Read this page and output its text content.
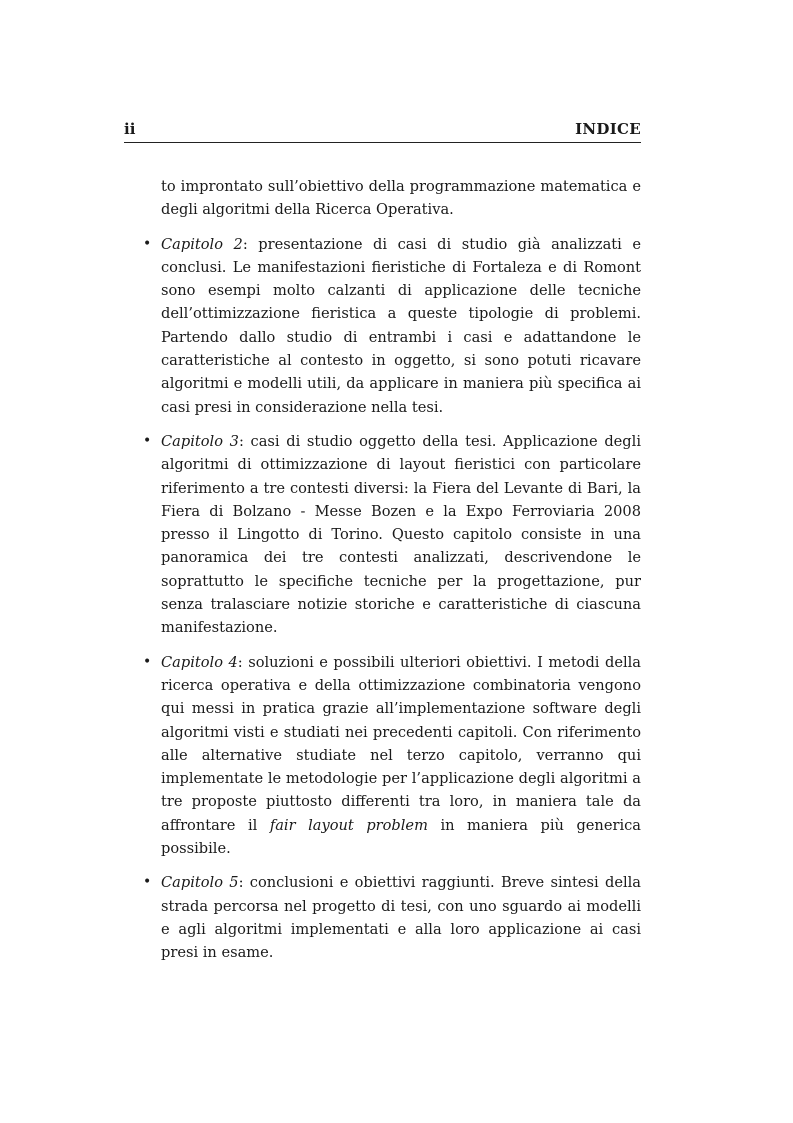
ii	INDICE

to improntato sull’obiettivo della programmazione matematica e degli algoritmi della Ricerca Operativa.

• Capitolo 2: presentazione di casi di studio già analizzati e conclusi. Le manifestazioni fieristiche di Fortaleza e di Romont sono esempi molto calzanti di applicazione delle tecniche dell’ottimizzazione fieristica a queste tipologie di problemi. Partendo dallo studio di entrambi i casi e adattandone le caratteristiche al contesto in oggetto, si sono potuti ricavare algoritmi e modelli utili, da applicare in maniera più specifica ai casi presi in considerazione nella tesi.

• Capitolo 3: casi di studio oggetto della tesi. Applicazione degli algoritmi di ottimizzazione di layout fieristici con particolare riferimento a tre contesti diversi: la Fiera del Levante di Bari, la Fiera di Bolzano - Messe Bozen e la Expo Ferroviaria 2008 presso il Lingotto di Torino. Questo capitolo consiste in una panoramica dei tre contesti analizzati, descrivendone le soprattutto le specifiche tecniche per la progettazione, pur senza tralasciare notizie storiche e caratteristiche di ciascuna manifestazione.

• Capitolo 4: soluzioni e possibili ulteriori obiettivi. I metodi della ricerca operativa e della ottimizzazione combinatoria vengono qui messi in pratica grazie all’implementazione software degli algoritmi visti e studiati nei precedenti capitoli. Con riferimento alle alternative studiate nel terzo capitolo, verranno qui implementate le metodologie per l’applicazione degli algoritmi a tre proposte piuttosto differenti tra loro, in maniera tale da affrontare il fair layout problem in maniera più generica possibile.

• Capitolo 5: conclusioni e obiettivi raggiunti. Breve sintesi della strada percorsa nel progetto di tesi, con uno sguardo ai modelli e agli algoritmi implementati e alla loro applicazione ai casi presi in esame.
